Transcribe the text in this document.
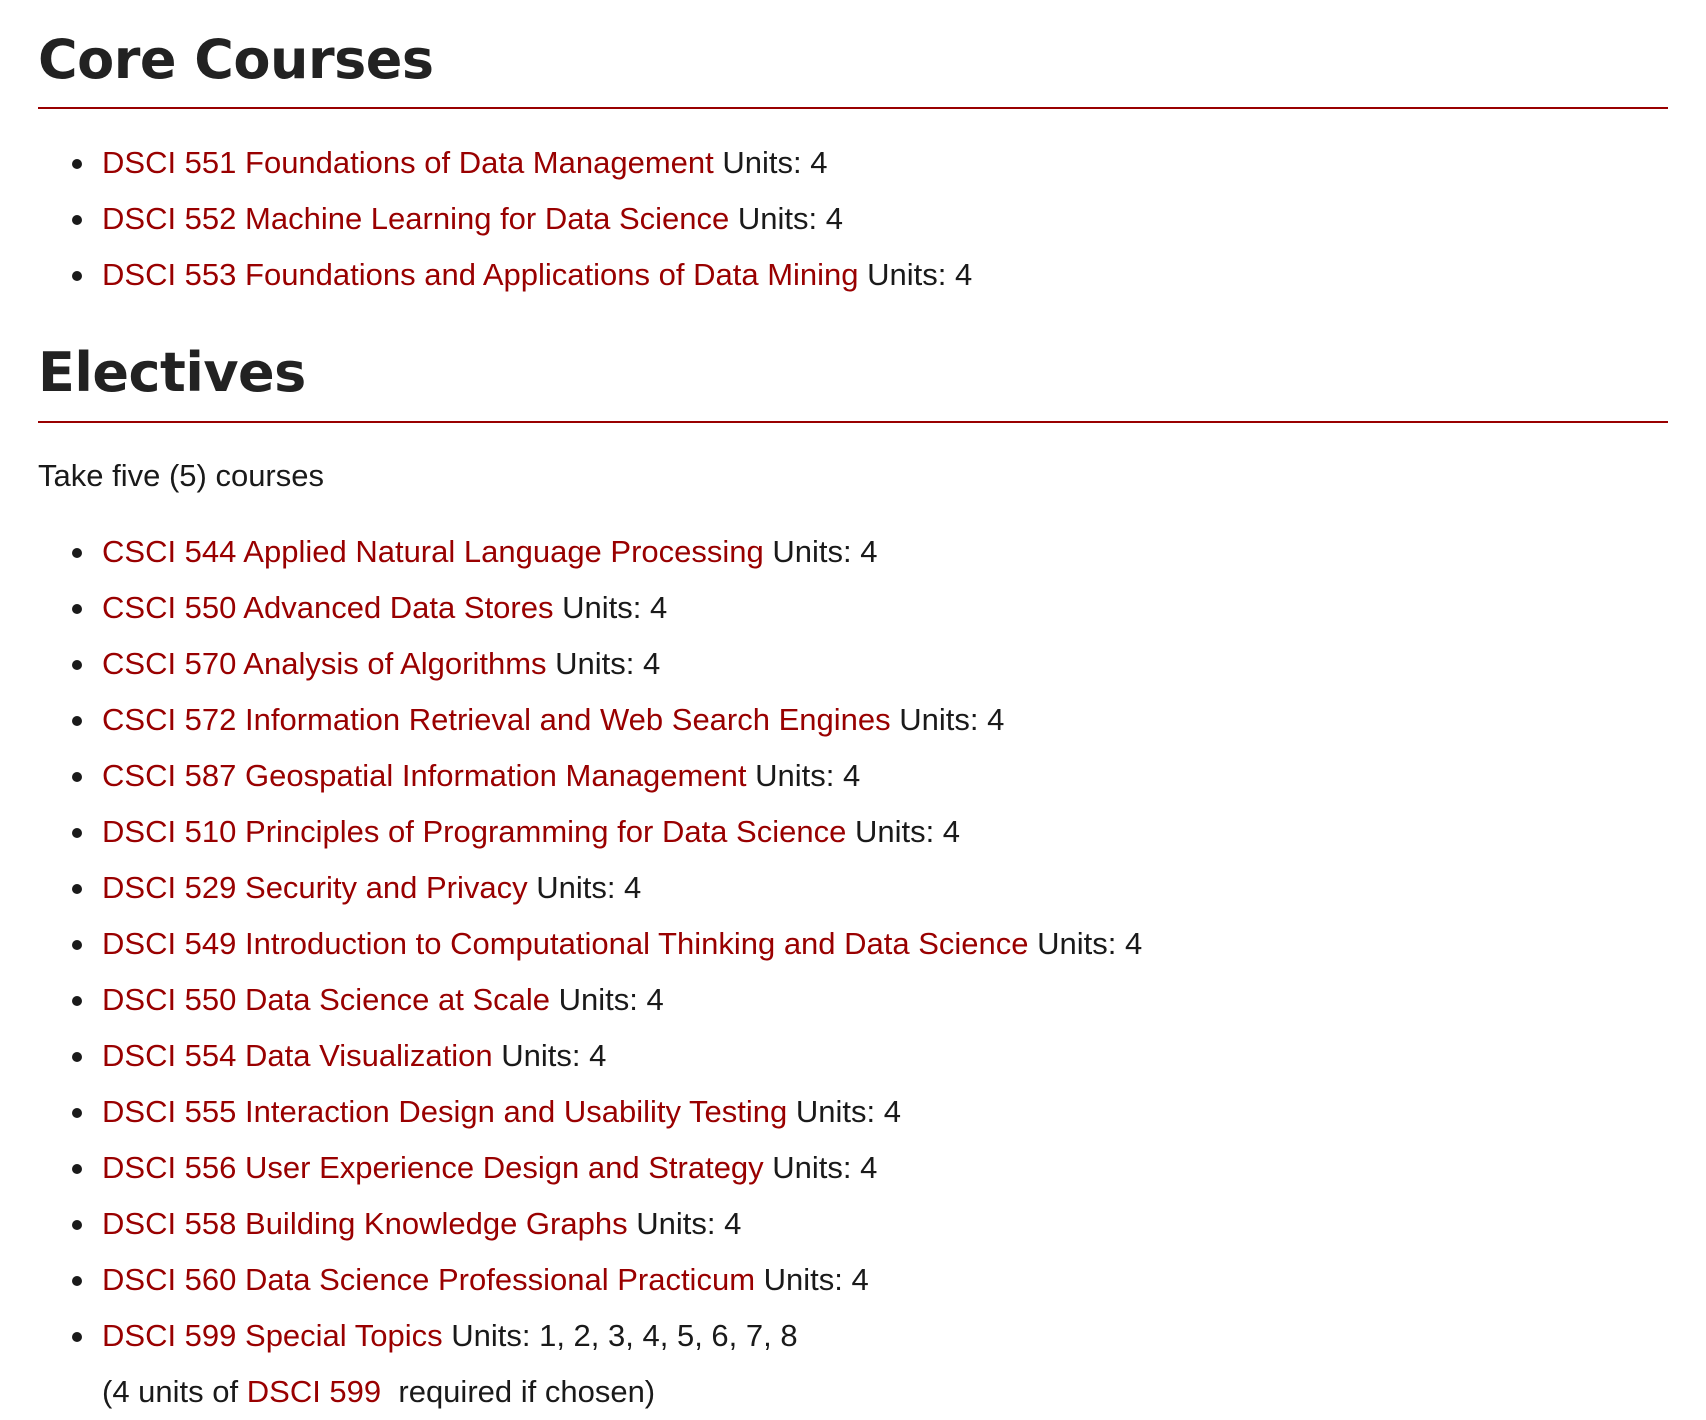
Core Courses
DSCI 551 Foundations of Data Management Units: 4
DSCI 552 Machine Learning for Data Science Units: 4
DSCI 553 Foundations and Applications of Data Mining Units: 4
Electives

Take five (5) courses

CSCI 544 Applied Natural Language Processing Units: 4
CSCI 550 Advanced Data Stores Units: 4
CSCI 570 Analysis of Algorithms Units: 4
CSCI 572 Information Retrieval and Web Search Engines Units: 4
CSCI 587 Geospatial Information Management Units: 4
DSCI 510 Principles of Programming for Data Science Units: 4
DSCI 529 Security and Privacy Units: 4
DSCI 549 Introduction to Computational Thinking and Data Science Units: 4
DSCI 550 Data Science at Scale Units: 4
DSCI 554 Data Visualization Units: 4
DSCI 555 Interaction Design and Usability Testing Units: 4
DSCI 556 User Experience Design and Strategy Units: 4
DSCI 558 Building Knowledge Graphs Units: 4
DSCI 560 Data Science Professional Practicum Units: 4
DSCI 599 Special Topics Units: 1, 2, 3, 4, 5, 6, 7, 8
(4 units of DSCI 599  required if chosen)
